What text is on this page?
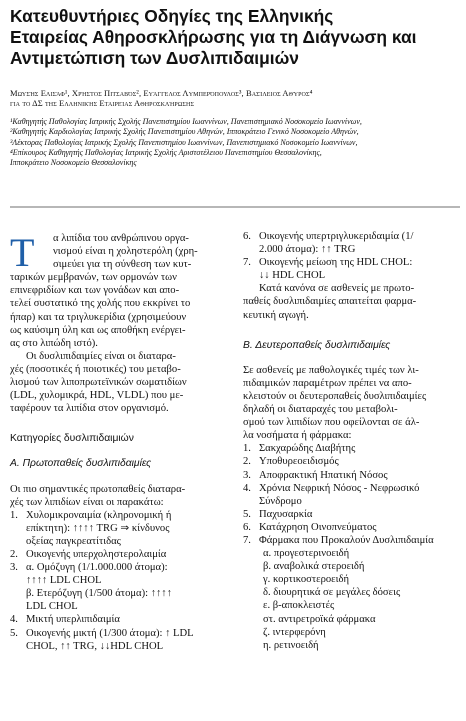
Κατευθυντήριες Οδηγίες της Ελληνικής
Εταιρείας Αθηροσκλήρωσης για τη Διάγνωση και
Αντιμετώπιση των Δυσλιπιδαιμιών
Μωυσής Ελισάφ¹, Χρήστος Πιτσαβός², Ευάγγελος Λυμπερόπουλος³, Βασίλειος Αθύρος⁴
για το ΔΣ της Ελληνικής Εταιρείας Αθηροσκλήρωσης
¹Καθηγητής Παθολογίας Ιατρικής Σχολής Πανεπιστημίου Ιωαννίνων, Πανεπιστημιακό Νοσοκομείο Ιωαννίνων,
²Καθηγητής Καρδιολογίας Ιατρικής Σχολής Πανεπιστημίου Αθηνών, Ιπποκράτειο Γενικό Νοσοκομείο Αθηνών,
³Λέκτορας Παθολογίας Ιατρικής Σχολής Πανεπιστημίου Ιωαννίνων, Πανεπιστημιακό Νοσοκομείο Ιωαννίνων,
⁴Επίκουρος Καθηγητής Παθολογίας Ιατρικής Σχολής Αριστοτέλειου Πανεπιστημίου Θεσσαλονίκης,
Ιπποκράτειο Νοσοκομείο Θεσσαλονίκης
Τ	α λιπίδια του ανθρώπινου οργα-
νισμού είναι η χοληστερόλη (χρη-
σιμεύει για τη σύνθεση των κυτ-
ταρικών μεμβρανών, των ορμονών των
επινεφριδίων και των γονάδων και απο-
τελεί συστατικό της χολής που εκκρίνει το
ήπαρ) και τα τριγλυκερίδια (χρησιμεύουν
ως καύσιμη ύλη και ως αποθήκη ενέργει-
ας στο λιπώδη ιστό).
Οι δυσλιπιδαιμίες είναι οι διαταρα-
χές (ποσοτικές ή ποιοτικές) του μεταβο-
λισμού των λιποπρωτεϊνικών σωματιδίων
(LDL, χυλομικρά, HDL, VLDL) που με-
ταφέρουν τα λιπίδια στον οργανισμό.
Κατηγορίες δυσλιπιδαιμιών
Α. Πρωτοπαθείς δυσλιπιδαιμίες
Οι πιο σημαντικές πρωτοπαθείς διαταρα-
χές των λιπιδίων είναι οι παρακάτω:
1. Χυλομικροναιμία (κληρονομική ή
επίκτητη): ↑↑↑↑ TRG ⇒ κίνδυνος
οξείας παγκρεατίτιδας
2. Οικογενής υπερχοληστερολαιμία
3. α. Ομόζυγη (1/1.000.000 άτομα):
↑↑↑↑ LDL CHOL
β. Ετερόζυγη (1/500 άτομα): ↑↑↑↑
LDL CHOL
4. Μικτή υπερλιπιδαιμία
5. Οικογενής μικτή (1/300 άτομα): ↑ LDL
CHOL, ↑↑ TRG, ↓↓HDL CHOL
6. Οικογενής υπερτριγλυκεριδαιμία (1/
2.000 άτομα): ↑↑ TRG
7. Οικογενής μείωση της HDL CHOL:
↓↓ HDL CHOL
Κατά κανόνα σε ασθενείς με πρωτο-
παθείς δυσλιπιδαιμίες απαιτείται φαρμα-
κευτική αγωγή.
Β. Δευτεροπαθείς δυσλιπιδαιμίες
Σε ασθενείς με παθολογικές τιμές των λι-
πιδαιμικών παραμέτρων πρέπει να απο-
κλειστούν οι δευτεροπαθείς δυσλιπιδαιμίες
δηλαδή οι διαταραχές του μεταβολι-
σμού των λιπιδίων που οφείλονται σε άλ-
λα νοσήματα ή φάρμακα:
1. Σακχαρώδης Διαβήτης
2. Υποθυρεοειδισμός
3. Αποφρακτική Ηπατική Νόσος
4. Χρόνια Νεφρική Νόσος - Νεφρωσικό
Σύνδρομο
5. Παχυσαρκία
6. Κατάχρηση Οινοπνεύματος
7. Φάρμακα που Προκαλούν Δυσλιπιδαιμία
α. προγεστερινοειδή
β. αναβολικά στεροειδή
γ. κορτικοστεροειδή
δ. διουρητικά σε μεγάλες δόσεις
ε. β-αποκλειστές
στ. αντιρετροϊκά φάρμακα
ζ. ιντερφερόνη
η. ρετινοειδή
